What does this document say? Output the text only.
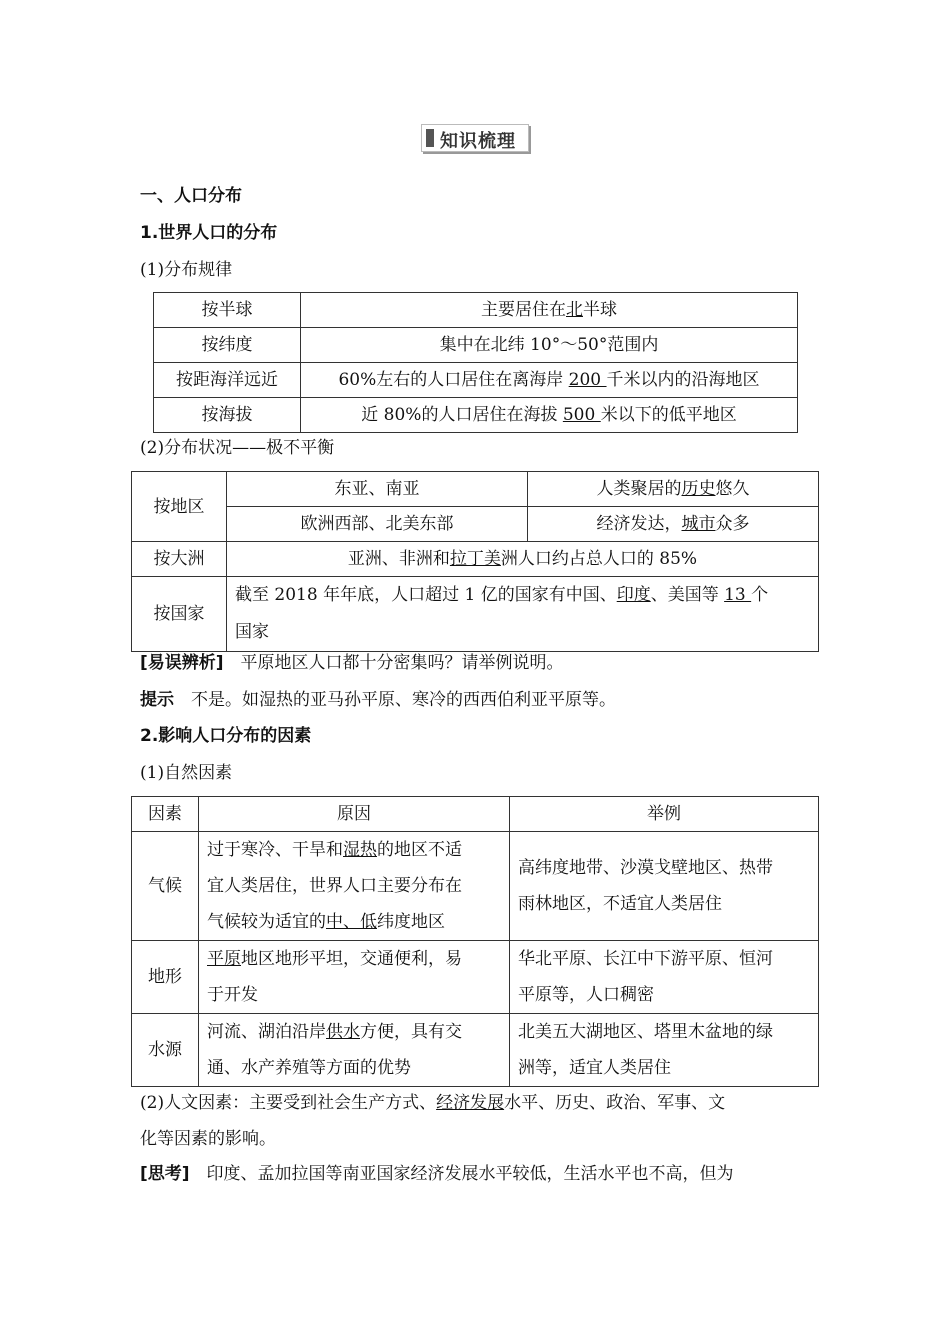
知识梳理
一、人口分布
1.世界人口的分布
(1)分布规律
按半球	主要居住在北半球
按纬度	集中在北纬 10°～50°范围内
按距海洋远近	60%左右的人口居住在离海岸 200 千米以内的沿海地区
按海拔	近 80%的人口居住在海拔 500 米以下的低平地区
(2)分布状况——极不平衡
按地区	东亚、南亚	人类聚居的历史悠久
	欧洲西部、北美东部	经济发达，城市众多
按大洲	亚洲、非洲和拉丁美洲人口约占总人口的 85%	
按国家	截至 2018 年年底，人口超过 1 亿的国家有中国、印度、美国等 13 个
国家	
[易误辨析]　平原地区人口都十分密集吗？请举例说明。
提示　不是。如湿热的亚马孙平原、寒冷的西西伯利亚平原等。
2.影响人口分布的因素
(1)自然因素
因素	原因	举例
气候	过于寒冷、干旱和湿热的地区不适
宜人类居住，世界人口主要分布在
气候较为适宜的中、低纬度地区	高纬度地带、沙漠戈壁地区、热带
雨林地区，不适宜人类居住
地形	平原地区地形平坦，交通便利，易
于开发	华北平原、长江中下游平原、恒河
平原等，人口稠密
水源	河流、湖泊沿岸供水方便，具有交
通、水产养殖等方面的优势	北美五大湖地区、塔里木盆地的绿
洲等，适宜人类居住
(2)人文因素：主要受到社会生产方式、经济发展水平、历史、政治、军事、文
化等因素的影响。
[思考]　印度、孟加拉国等南亚国家经济发展水平较低，生活水平也不高，但为
